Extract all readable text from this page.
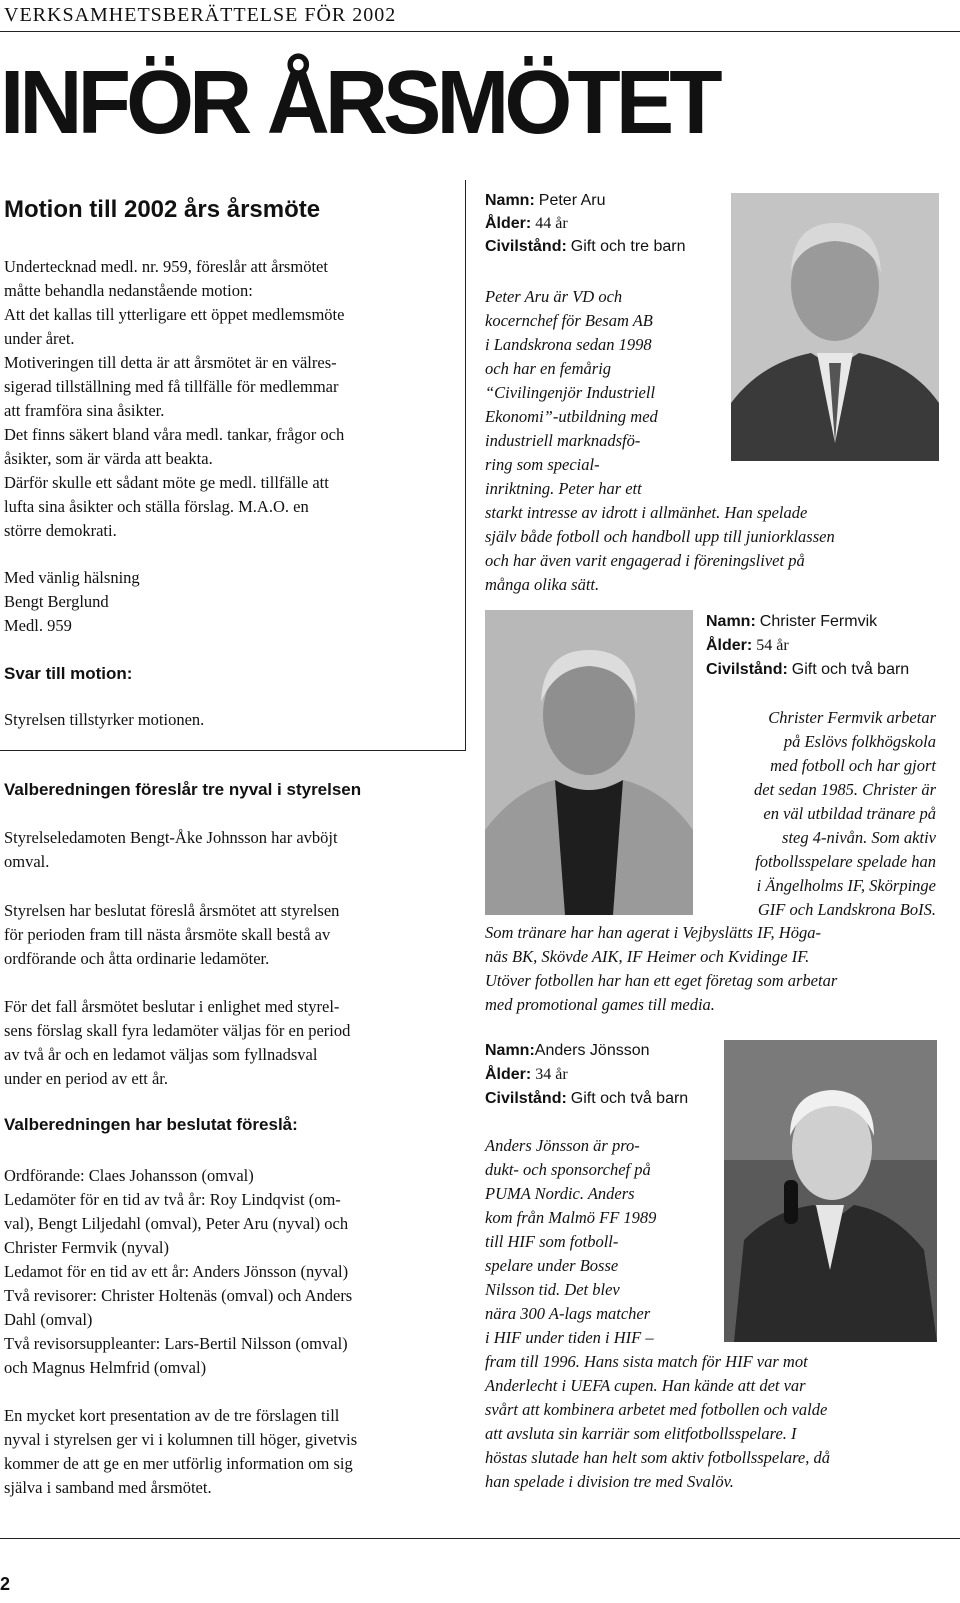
VERKSAMHETSBERÄTTELSE FÖR 2002
INFÖR ÅRSMÖTET
Motion till 2002 års årsmöte
Undertecknad medl. nr. 959, föreslår att årsmötet
måtte behandla nedanstående motion:
Att det kallas till ytterligare ett öppet medlemsmöte
under året.
Motiveringen till detta är att årsmötet är en välres-
sigerad tillställning med få tillfälle för medlemmar
att framföra sina åsikter.
Det finns säkert bland våra medl. tankar, frågor och
åsikter, som är värda att beakta.
Därför skulle ett sådant möte ge medl. tillfälle att
lufta sina åsikter och ställa förslag. M.A.O. en
större demokrati.
Med vänlig hälsning
Bengt Berglund
Medl. 959
Svar till motion:
Styrelsen tillstyrker motionen.
Valberedningen föreslår tre nyval i styrelsen
Styrelseledamoten Bengt-Åke Johnsson har avböjt
omval.
Styrelsen har beslutat föreslå årsmötet att styrelsen
för perioden fram till nästa årsmöte skall bestå av
ordförande och åtta ordinarie ledamöter.
För det fall årsmötet beslutar i enlighet med styrel-
sens förslag skall fyra ledamöter väljas för en period
av två år och en ledamot väljas som fyllnadsval
under en period av ett år.
Valberedningen har beslutat föreslå:
Ordförande: Claes Johansson (omval)
Ledamöter för en tid av två år: Roy Lindqvist (om-
val), Bengt Liljedahl (omval), Peter Aru (nyval) och
Christer Fermvik (nyval)
Ledamot för en tid av ett år: Anders Jönsson (nyval)
Två revisorer: Christer Holtenäs (omval) och Anders
Dahl (omval)
Två revisorsuppleanter: Lars-Bertil Nilsson (omval)
och Magnus Helmfrid (omval)
En mycket kort presentation av de tre förslagen till
nyval i styrelsen ger vi i kolumnen till höger, givetvis
kommer de att ge en mer utförlig information om sig
själva i samband med årsmötet.
Namn: Peter Aru
Ålder: 44 år
Civilstånd: Gift och tre barn
Peter Aru är VD och
kocernchef för Besam AB
i Landskrona sedan 1998
och har en femårig
“Civilingenjör Industriell
Ekonomi”-utbildning med
industriell marknadsfö-
ring som special-
inriktning. Peter har ett
starkt intresse av idrott i allmänhet. Han spelade
själv både fotboll och handboll upp till juniorklassen
och har även varit engagerad i föreningslivet på
många olika sätt.
Namn: Christer Fermvik
Ålder: 54 år
Civilstånd: Gift och två barn
Christer Fermvik arbetar
på Eslövs folkhögskola
med fotboll och har gjort
det sedan 1985. Christer är
en väl utbildad tränare på
steg 4-nivån. Som aktiv
fotbollsspelare spelade han
i Ängelholms IF, Skörpinge
GIF och Landskrona BoIS.
Som tränare har han agerat i Vejbyslätts IF, Höga-
näs BK, Skövde AIK, IF Heimer och Kvidinge IF.
Utöver fotbollen har han ett eget företag som arbetar
med promotional games till media.
Namn:Anders Jönsson
Ålder: 34 år
Civilstånd: Gift och två barn
Anders Jönsson är pro-
dukt- och sponsorchef på
PUMA Nordic. Anders
kom från Malmö FF 1989
till HIF som fotboll-
spelare under Bosse
Nilsson tid. Det blev
nära 300 A-lags matcher
i HIF under tiden i HIF –
fram till 1996. Hans sista match för HIF var mot
Anderlecht i UEFA cupen. Han kände att det var
svårt att kombinera arbetet med fotbollen och valde
att avsluta sin karriär som elitfotbollsspelare. I
höstas slutade han helt som aktiv fotbollsspelare, då
han spelade i division tre med Svalöv.
2
